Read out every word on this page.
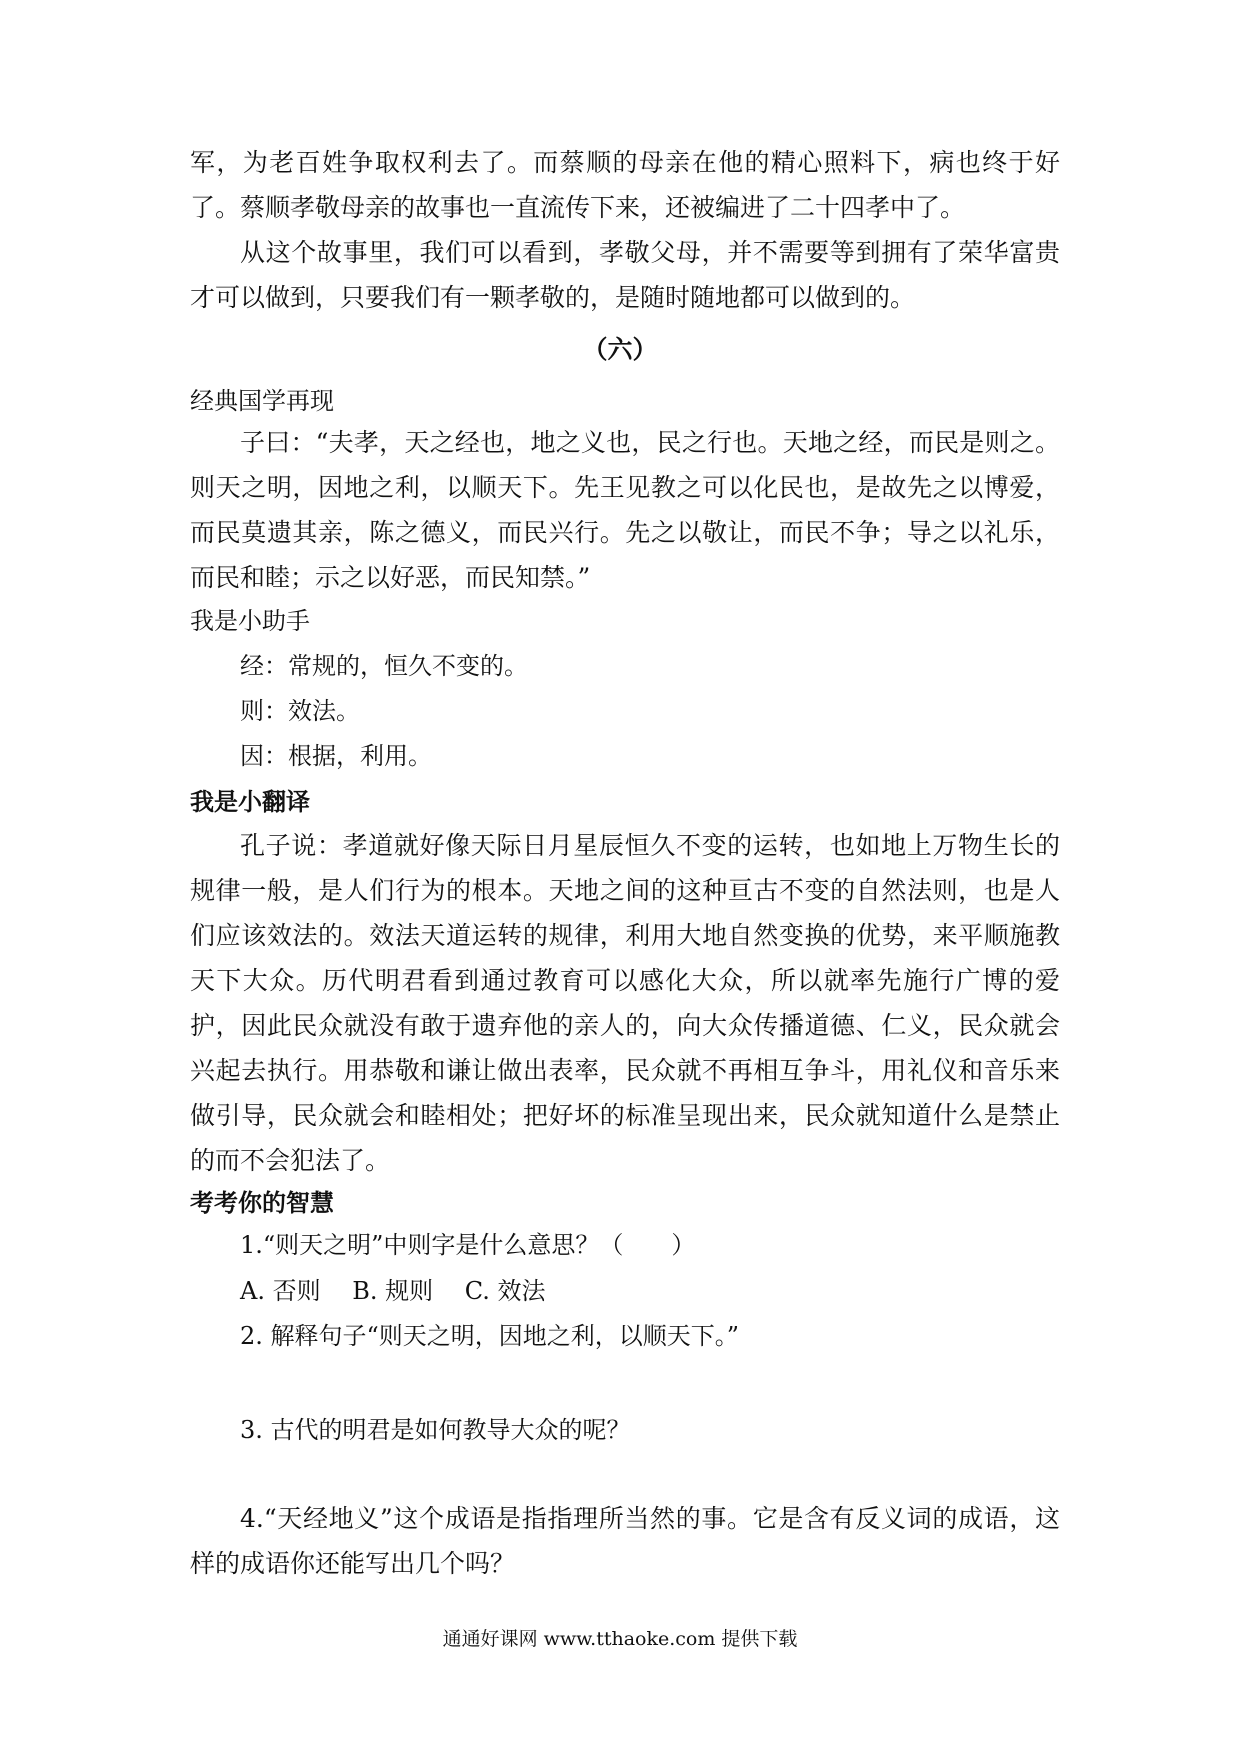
军，为老百姓争取权利去了。而蔡顺的母亲在他的精心照料下，病也终于好了。 蔡顺孝敬母亲的故事也一直流传下来，还被编进了二十四孝中了。

从这个故事里，我们可以看到，孝敬父母，并不需要等到拥有了荣华富贵才可以做到，只要我们有一颗孝敬的，是随时随地都可以做到的。

（六）

经典国学再现

子曰：“夫孝，天之经也，地之义也，民之行也。天地之经，而民是则之。则天之明，因地之利，以顺天下。先王见教之可以化民也，是故先之以博爱，而民莫遗其亲，陈之德义，而民兴行。先之以敬让，而民不争；导之以礼乐，而民和睦；示之以好恶，而民知禁。”

我是小助手

经：常规的，恒久不变的。

则：效法。

因：根据，利用。

我是小翻译

孔子说：孝道就好像天际日月星辰恒久不变的运转，也如地上万物生长的规律一般，是人们行为的根本。天地之间的这种亘古不变的自然法则，也是人们应该效法的。效法天道运转的规律，利用大地自然变换的优势，来平顺施教天下大众。历代明君看到通过教育可以感化大众，所以就率先施行广博的爱护，因此民众就没有敢于遗弃他的亲人的，向大众传播道德、仁义，民众就会兴起去执行。用恭敬和谦让做出表率，民众就不再相互争斗，用礼仪和音乐来做引导，民众就会和睦相处；把好坏的标准呈现出来，民众就知道什么是禁止的而不会犯法了。

考考你的智慧

1.“则天之明”中则字是什么意思？（　　）

A. 否则　 B. 规则　 C. 效法

2. 解释句子“则天之明，因地之利，以顺天下。”

3. 古代的明君是如何教导大众的呢？

4.“天经地义”这个成语是指指理所当然的事。它是含有反义词的成语，这样的成语你还能写出几个吗？

通通好课网 www.tthaoke.com 提供下载
